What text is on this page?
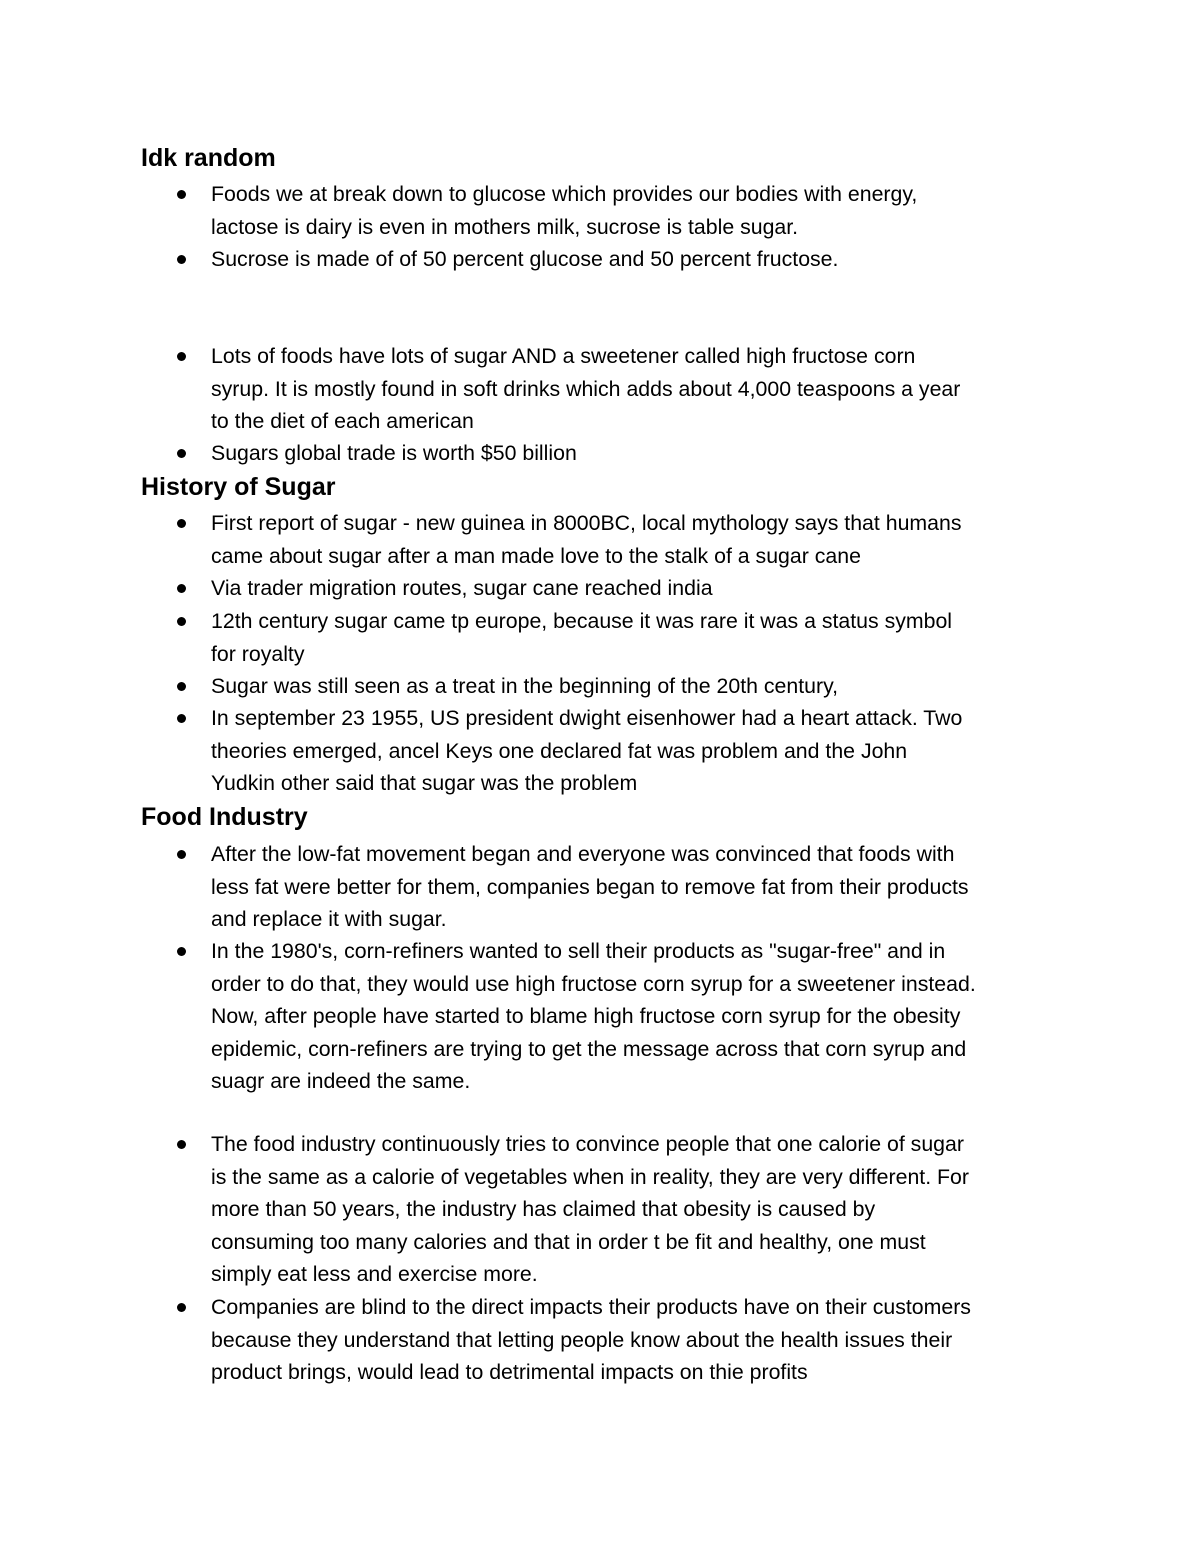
Idk random
Foods we at break down to glucose which provides our bodies with energy,
lactose is dairy is even in mothers milk, sucrose is table sugar.
Sucrose is made of of 50 percent glucose and 50 percent fructose.
Lots of foods have lots of sugar AND a sweetener called high fructose corn
syrup. It is mostly found in soft drinks which adds about 4,000 teaspoons a year
to the diet of each american
Sugars global trade is worth $50 billion
History of Sugar
First report of sugar - new guinea in 8000BC, local mythology says that humans
came about sugar after a man made love to the stalk of a sugar cane
Via trader migration routes, sugar cane reached india
12th century sugar came tp europe, because it was rare it was a status symbol
for royalty
Sugar was still seen as a treat in the beginning of the 20th century,
In september 23 1955, US president dwight eisenhower had a heart attack. Two
theories emerged, ancel Keys one declared fat was problem and the John
Yudkin other said that sugar was the problem
Food Industry
After the low-fat movement began and everyone was convinced that foods with
less fat were better for them, companies began to remove fat from their products
and replace it with sugar.
In the 1980's, corn-refiners wanted to sell their products as "sugar-free" and in
order to do that, they would use high fructose corn syrup for a sweetener instead.
Now, after people have started to blame high fructose corn syrup for the obesity
epidemic, corn-refiners are trying to get the message across that corn syrup and
suagr are indeed the same.
The food industry continuously tries to convince people that one calorie of sugar
is the same as a calorie of vegetables when in reality, they are very different. For
more than 50 years, the industry has claimed that obesity is caused by
consuming too many calories and that in order t be fit and healthy, one must
simply eat less and exercise more.
Companies are blind to the direct impacts their products have on their customers
because they understand that letting people know about the health issues their
product brings, would lead to detrimental impacts on thie profits
